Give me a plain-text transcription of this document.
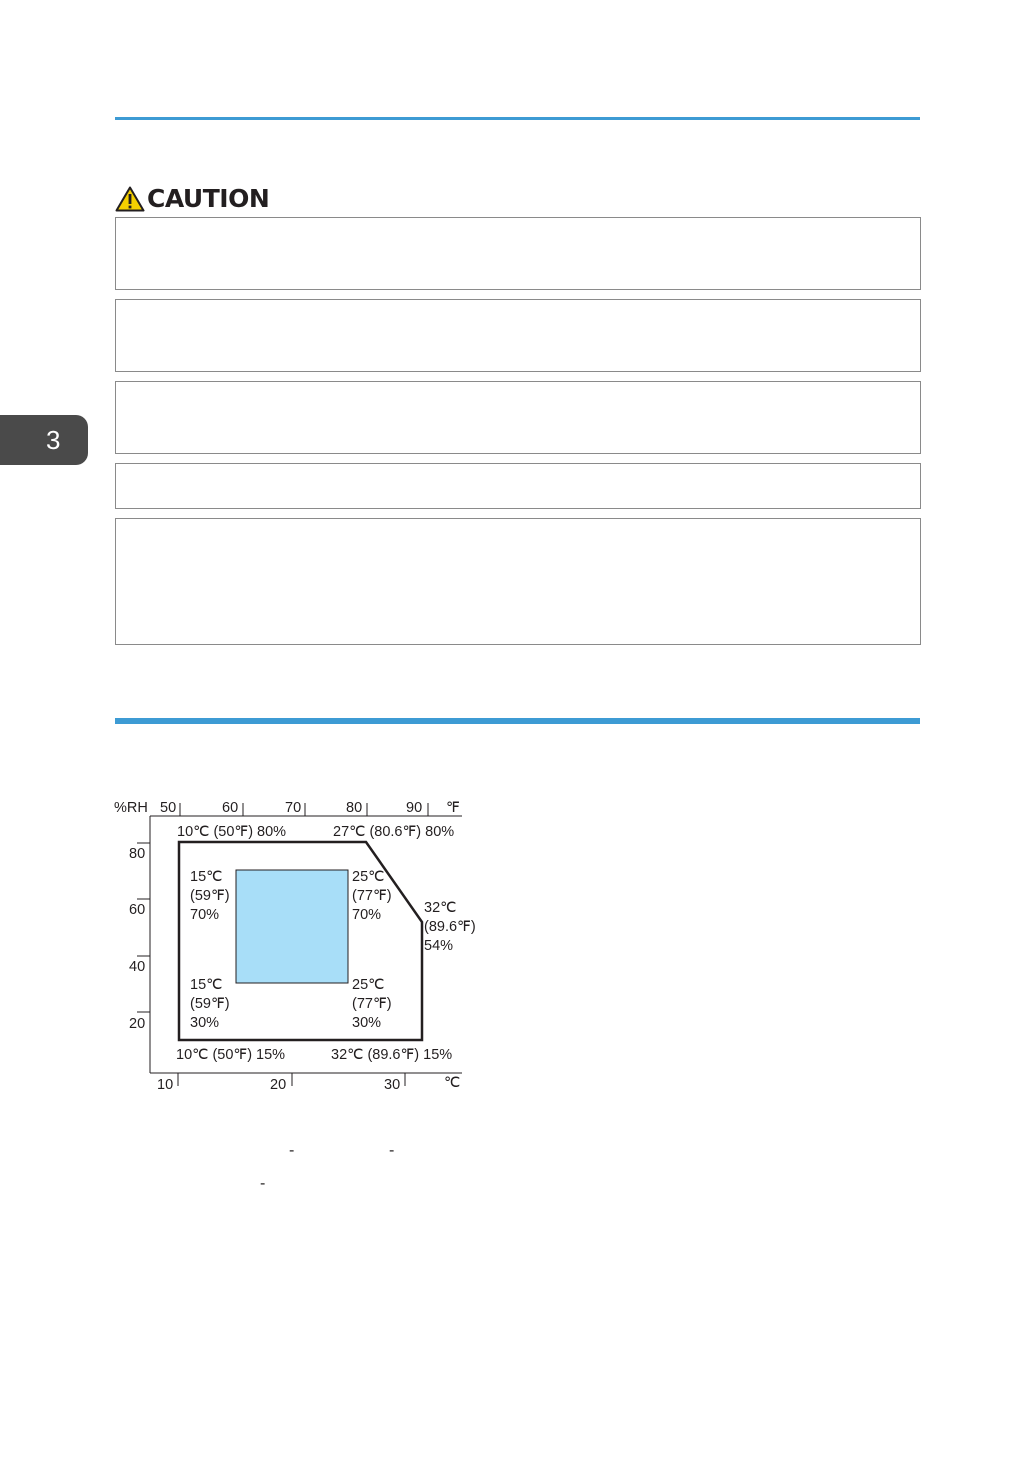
CAUTION
3
%RH 50	60	70	80	90 ℉
80
60
40
20
10	20	30	℃
10℃ (50℉) 80%	27℃ (80.6℉) 80%
10℃ (50℉) 15%	32℃ (89.6℉) 15%
32℃
(89.6℉)
54%
15℃
(59℉)
70%
25℃
(77℉)
70%
15℃
(59℉)
30%
25℃
(77℉)
30%
-	-
-
